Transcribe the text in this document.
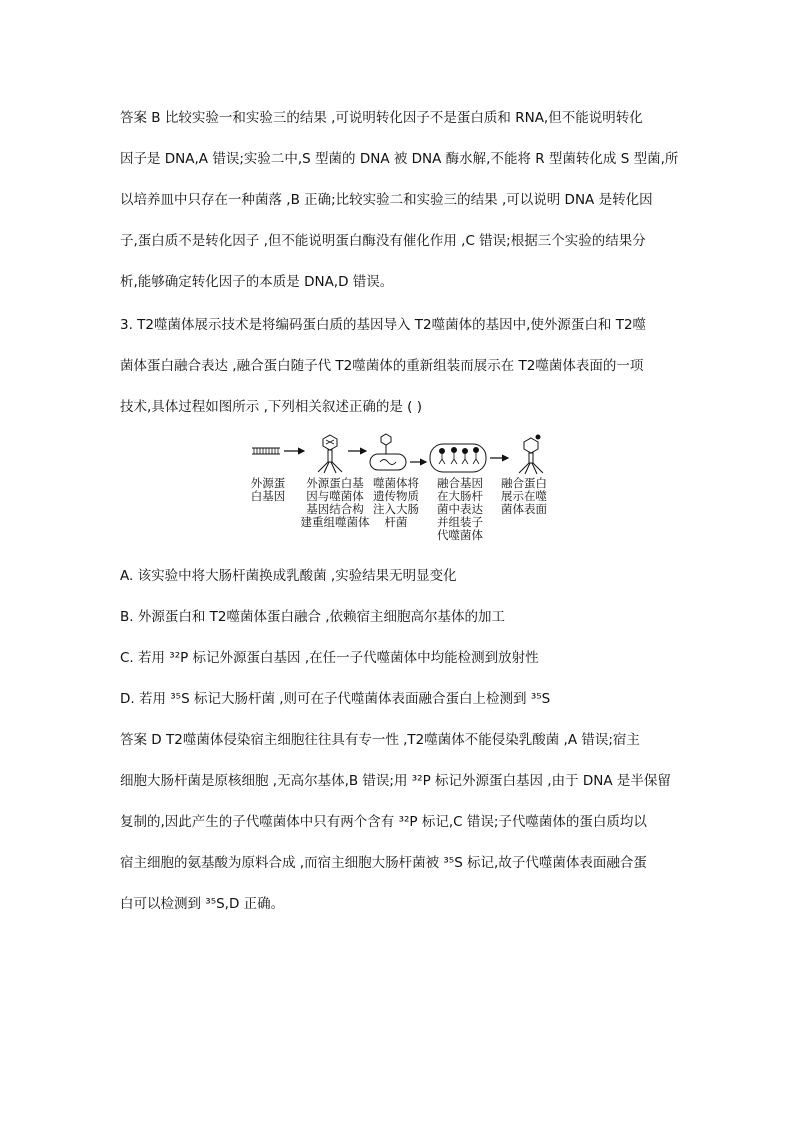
答案 B 比较实验一和实验三的结果 ,可说明转化因子不是蛋白质和 RNA,但不能说明转化
因子是 DNA,A 错误;实验二中,S 型菌的 DNA 被 DNA 酶水解,不能将 R 型菌转化成 S 型菌,所
以培养皿中只存在一种菌落 ,B 正确;比较实验二和实验三的结果 ,可以说明 DNA 是转化因
子,蛋白质不是转化因子 ,但不能说明蛋白酶没有催化作用 ,C 错误;根据三个实验的结果分
析,能够确定转化因子的本质是 DNA,D 错误。
3. T2噬菌体展示技术是将编码蛋白质的基因导入 T2噬菌体的基因中,使外源蛋白和 T2噬
菌体蛋白融合表达 ,融合蛋白随子代 T2噬菌体的重新组装而展示在 T2噬菌体表面的一项
技术,具体过程如图所示 ,下列相关叙述正确的是 ( )
外源蛋
白基因
外源蛋白基
因与噬菌体
基因结合构
建重组噬菌体
噬菌体将
遗传物质
注入大肠
杆菌
融合基因
在大肠杆
菌中表达
并组装子
代噬菌体
融合蛋白
展示在噬
菌体表面
A. 该实验中将大肠杆菌换成乳酸菌 ,实验结果无明显变化
B. 外源蛋白和 T2噬菌体蛋白融合 ,依赖宿主细胞高尔基体的加工
C. 若用 ³²P 标记外源蛋白基因 ,在任一子代噬菌体中均能检测到放射性
D. 若用 ³⁵S 标记大肠杆菌 ,则可在子代噬菌体表面融合蛋白上检测到 ³⁵S
答案 D T2噬菌体侵染宿主细胞往往具有专一性 ,T2噬菌体不能侵染乳酸菌 ,A 错误;宿主
细胞大肠杆菌是原核细胞 ,无高尔基体,B 错误;用 ³²P 标记外源蛋白基因 ,由于 DNA 是半保留
复制的,因此产生的子代噬菌体中只有两个含有 ³²P 标记,C 错误;子代噬菌体的蛋白质均以
宿主细胞的氨基酸为原料合成 ,而宿主细胞大肠杆菌被 ³⁵S 标记,故子代噬菌体表面融合蛋
白可以检测到 ³⁵S,D 正确。
